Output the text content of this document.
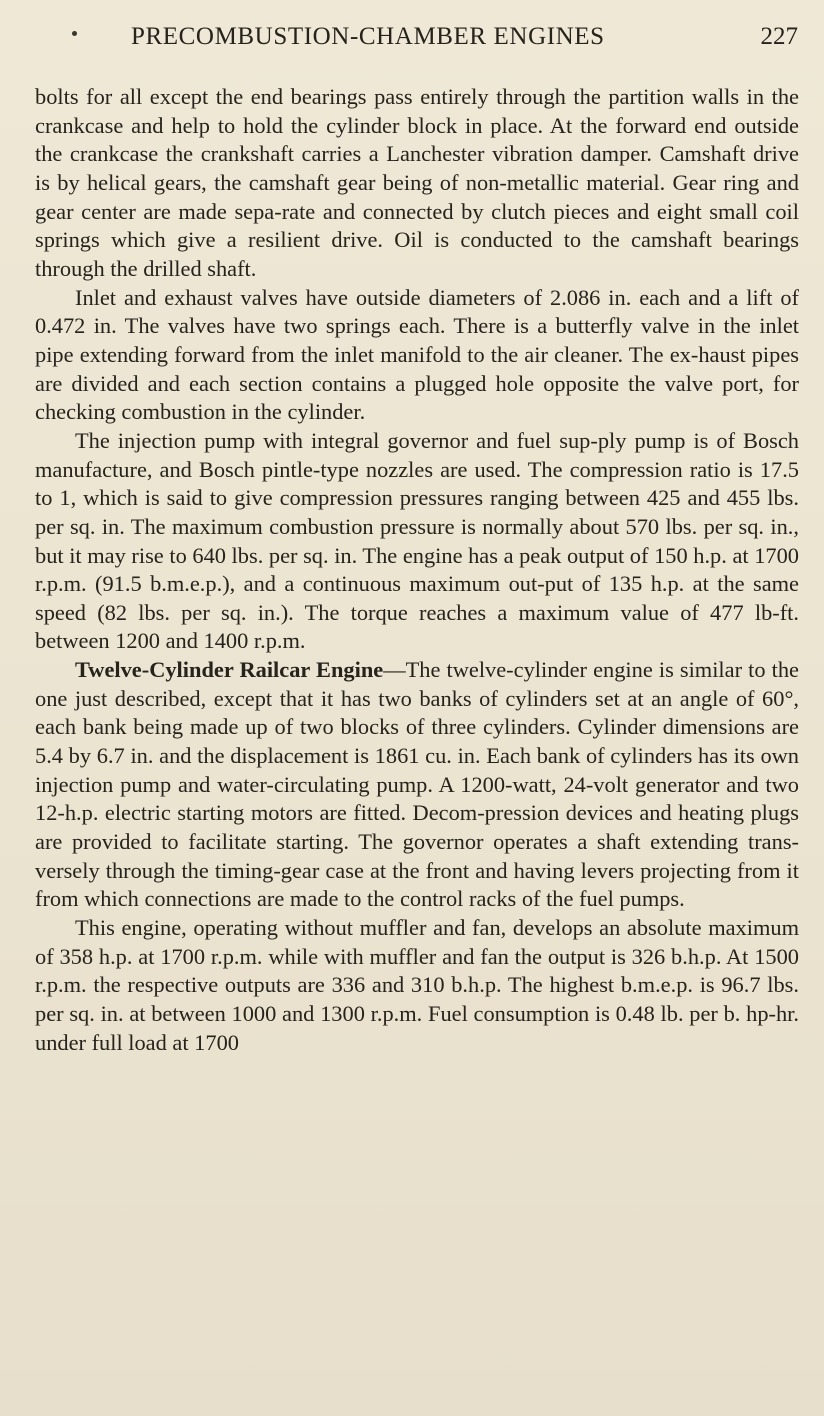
PRECOMBUSTION-CHAMBER ENGINES	227

bolts for all except the end bearings pass entirely through the partition walls in the crankcase and help to hold the cylinder block in place. At the forward end outside the crankcase the crankshaft carries a Lanchester vibration damper. Camshaft drive is by helical gears, the camshaft gear being of non-metallic material. Gear ring and gear center are made sepa-rate and connected by clutch pieces and eight small coil springs which give a resilient drive. Oil is conducted to the camshaft bearings through the drilled shaft.

Inlet and exhaust valves have outside diameters of 2.086 in. each and a lift of 0.472 in. The valves have two springs each. There is a butterfly valve in the inlet pipe extending forward from the inlet manifold to the air cleaner. The ex-haust pipes are divided and each section contains a plugged hole opposite the valve port, for checking combustion in the cylinder.

The injection pump with integral governor and fuel sup-ply pump is of Bosch manufacture, and Bosch pintle-type nozzles are used. The compression ratio is 17.5 to 1, which is said to give compression pressures ranging between 425 and 455 lbs. per sq. in. The maximum combustion pressure is normally about 570 lbs. per sq. in., but it may rise to 640 lbs. per sq. in. The engine has a peak output of 150 h.p. at 1700 r.p.m. (91.5 b.m.e.p.), and a continuous maximum out-put of 135 h.p. at the same speed (82 lbs. per sq. in.). The torque reaches a maximum value of 477 lb-ft. between 1200 and 1400 r.p.m.

Twelve-Cylinder Railcar Engine—The twelve-cylinder engine is similar to the one just described, except that it has two banks of cylinders set at an angle of 60°, each bank being made up of two blocks of three cylinders. Cylinder dimensions are 5.4 by 6.7 in. and the displacement is 1861 cu. in. Each bank of cylinders has its own injection pump and water-circulating pump. A 1200-watt, 24-volt generator and two 12-h.p. electric starting motors are fitted. Decom-pression devices and heating plugs are provided to facilitate starting. The governor operates a shaft extending trans-versely through the timing-gear case at the front and having levers projecting from it from which connections are made to the control racks of the fuel pumps.

This engine, operating without muffler and fan, develops an absolute maximum of 358 h.p. at 1700 r.p.m. while with muffler and fan the output is 326 b.h.p. At 1500 r.p.m. the respective outputs are 336 and 310 b.h.p. The highest b.m.e.p. is 96.7 lbs. per sq. in. at between 1000 and 1300 r.p.m. Fuel consumption is 0.48 lb. per b. hp-hr. under full load at 1700
